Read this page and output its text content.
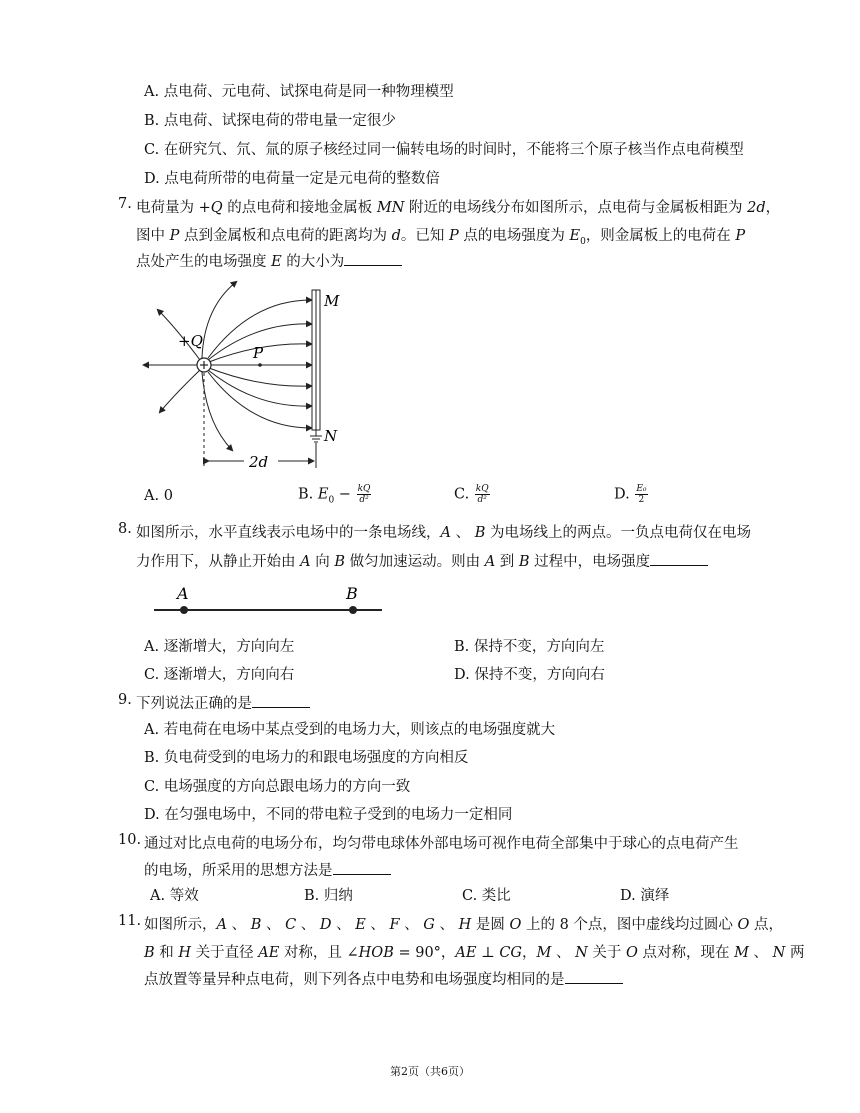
A. 点电荷、元电荷、试探电荷是同一种物理模型
B. 点电荷、试探电荷的带电量一定很少
C. 在研究氕、氘、氚的原子核经过同一偏转电场的时间时，不能将三个原子核当作点电荷模型
D. 点电荷所带的电荷量一定是元电荷的整数倍
7. 电荷量为 +Q 的点电荷和接地金属板 MN 附近的电场线分布如图所示，点电荷与金属板相距为 2d，
图中 P 点到金属板和点电荷的距离均为 d。已知 P 点的电场强度为 $E_0$，则金属板上的电荷在 P
点处产生的电场强度 E 的大小为
+Q
P
M
N
2d
A. 0	B. $E_0 - \frac{kQ}{\text{d²}}$	C. $\frac{kQ}{\text{d²}}$	D. $\frac{\text{E₀}}{2}$
8. 如图所示，水平直线表示电场中的一条电场线，A 、 B 为电场线上的两点。一负点电荷仅在电场
力作用下，从静止开始由 A 向 B 做匀加速运动。则由 A 到 B 过程中，电场强度
A	B
A. 逐渐增大，方向向左	B. 保持不变，方向向左
C. 逐渐增大，方向向右	D. 保持不变，方向向右
9. 下列说法正确的是
A. 若电荷在电场中某点受到的电场力大，则该点的电场强度就大
B. 负电荷受到的电场力的和跟电场强度的方向相反
C. 电场强度的方向总跟电场力的方向一致
D. 在匀强电场中，不同的带电粒子受到的电场力一定相同
10. 通过对比点电荷的电场分布，均匀带电球体外部电场可视作电荷全部集中于球心的点电荷产生
的电场，所采用的思想方法是
A. 等效	B. 归纳	C. 类比	D. 演绎
11. 如图所示，𝐴 、 𝐵 、 𝐶 、 𝐷 、 𝐸 、 𝐹 、 𝐺 、 𝐻 是圆 𝑂 上的 8 个点，图中虚线均过圆心 𝑂 点，
𝐵 和 𝐻 关于直径 𝐴𝐸 对称，且 ∠𝐻𝑂𝐵 = 90°，𝐴𝐸 ⊥ 𝐶𝐺，𝑀 、 𝑁 关于 𝑂 点对称，现在 𝑀 、 𝑁 两
点放置等量异种点电荷，则下列各点中电势和电场强度均相同的是
第2页（共6页）
